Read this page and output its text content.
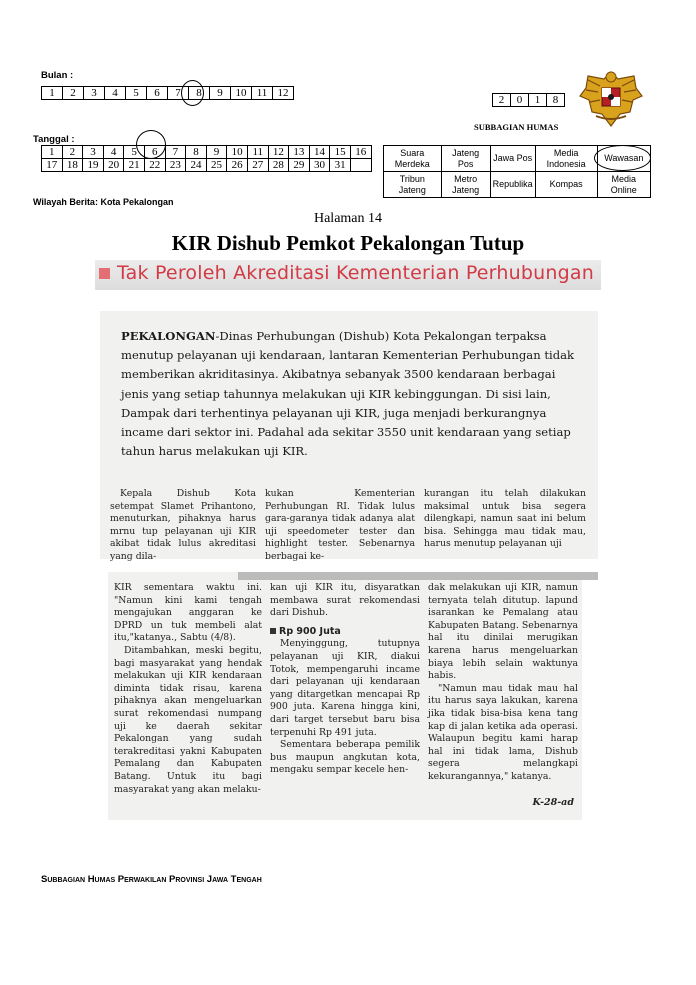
Bulan :
1	2	3	4	5	6	7	8	9	10	11	12
2	0	1	8
SUBBAGIAN HUMAS
Tanggal :
1	2	3	4	5	6	7	8	9	10	11	12	13	14	15	16
17	18	19	20	21	22	23	24	25	26	27	28	29	30	31	
Suara Merdeka	Jateng Pos	Jawa Pos	Media Indonesia	Wawasan
Tribun Jateng	Metro Jateng	Republika	Kompas	Media Online
Wilayah Berita: Kota Pekalongan
Halaman 14
KIR Dishub Pemkot Pekalongan Tutup
Tak Peroleh Akreditasi Kementerian Perhubungan
PEKALONGAN-Dinas Perhubungan (Dishub) Kota Pekalongan terpaksa menutup pelayanan uji kendaraan, lantaran Kementerian Perhubungan tidak memberikan akriditasinya. Akibatnya sebanyak 3500 kendaraan berbagai jenis yang setiap tahunnya melakukan uji KIR kebinggungan. Di sisi lain, Dampak dari terhentinya pelayanan uji KIR, juga menjadi berkurangnya incame dari sektor ini. Padahal ada sekitar 3550 unit kendaraan yang setiap tahun harus melakukan uji KIR.

Kepala Dishub Kota setempat Slamet Prihantono, menuturkan, pihaknya harus mrnu tup pelayanan uji KIR akibat tidak lulus akreditasi yang dila-

kukan Kementerian Perhubungan RI. Tidak lulus gara-garanya tidak adanya alat uji speedometer tester dan highlight tester. Sebenarnya berbagai ke-

kurangan itu telah dilakukan maksimal untuk bisa segera dilengkapi, namun saat ini belum bisa. Sehingga mau tidak mau, harus menutup pelayanan uji

KIR sementara waktu ini. "Namun kini kami tengah mengajukan anggaran ke DPRD un tuk membeli alat itu,"katanya., Sabtu (4/8).

Ditambahkan, meski begitu, bagi masyarakat yang hendak melakukan uji KIR kendaraan diminta tidak risau, karena pihaknya akan mengeluarkan surat rekomendasi numpang uji ke daerah sekitar Pekalongan yang sudah terakreditasi yakni Kabupaten Pemalang dan Kabupaten Batang. Untuk itu bagi masyarakat yang akan melaku-

kan uji KIR itu, disyaratkan membawa surat rekomendasi dari Dishub.

Rp 900 Juta

Menyinggung, tutupnya pelayanan uji KIR, diakui Totok, mempengaruhi incame dari pelayanan uji kendaraan yang ditargetkan mencapai Rp 900 juta. Karena hingga kini, dari target tersebut baru bisa terpenuhi Rp 491 juta.

Sementara beberapa pemilik bus maupun angkutan kota, mengaku sempar kecele hen-

dak melakukan uji KIR, namun ternyata telah ditutup. lapund isarankan ke Pemalang atau Kabupaten Batang. Sebenarnya hal itu dinilai merugikan karena harus mengeluarkan biaya lebih selain waktunya habis.

"Namun mau tidak mau hal itu harus saya lakukan, karena jika tidak bisa-bisa kena tang kap di jalan ketika ada operasi. Walaupun begitu kami harap hal ini tidak lama, Dishub segera melangkapi kekurangannya," katanya.

K-28-ad
Subbagian Humas Perwakilan Provinsi Jawa Tengah
